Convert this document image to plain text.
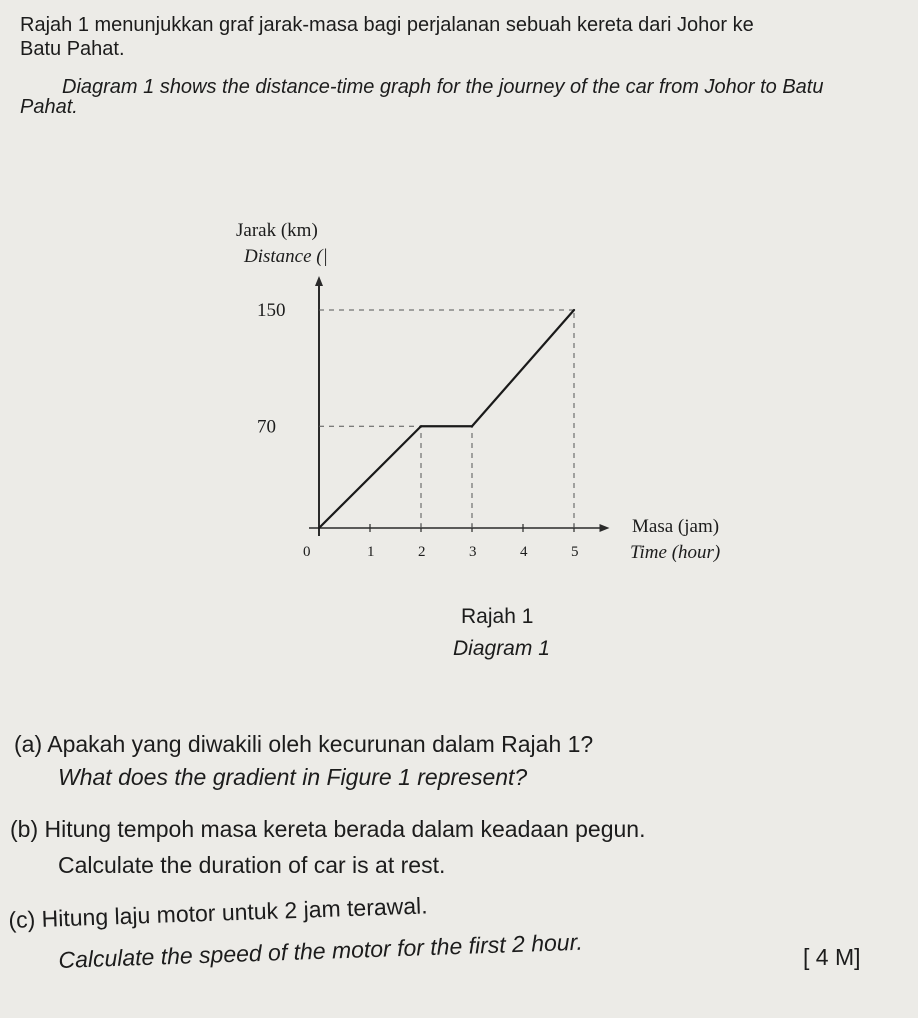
Rajah 1 menunjukkan graf jarak-masa bagi perjalanan sebuah kereta dari Johor ke
Batu Pahat.
Diagram 1 shows the distance-time graph for the journey of the car from Johor to Batu
Pahat.
Jarak (km)
Distance (|
Masa (jam)
Time (hour)
0	1	2	3	4	5
70
150
Rajah 1
Diagram 1
(a) Apakah yang diwakili oleh kecurunan dalam Rajah 1?
What does the gradient in Figure 1 represent?
(b) Hitung tempoh masa kereta berada dalam keadaan pegun.
Calculate the duration of car is at rest.
(c) Hitung laju motor untuk 2 jam terawal.
Calculate the speed of the motor for the first 2 hour.	[ 4 M]
